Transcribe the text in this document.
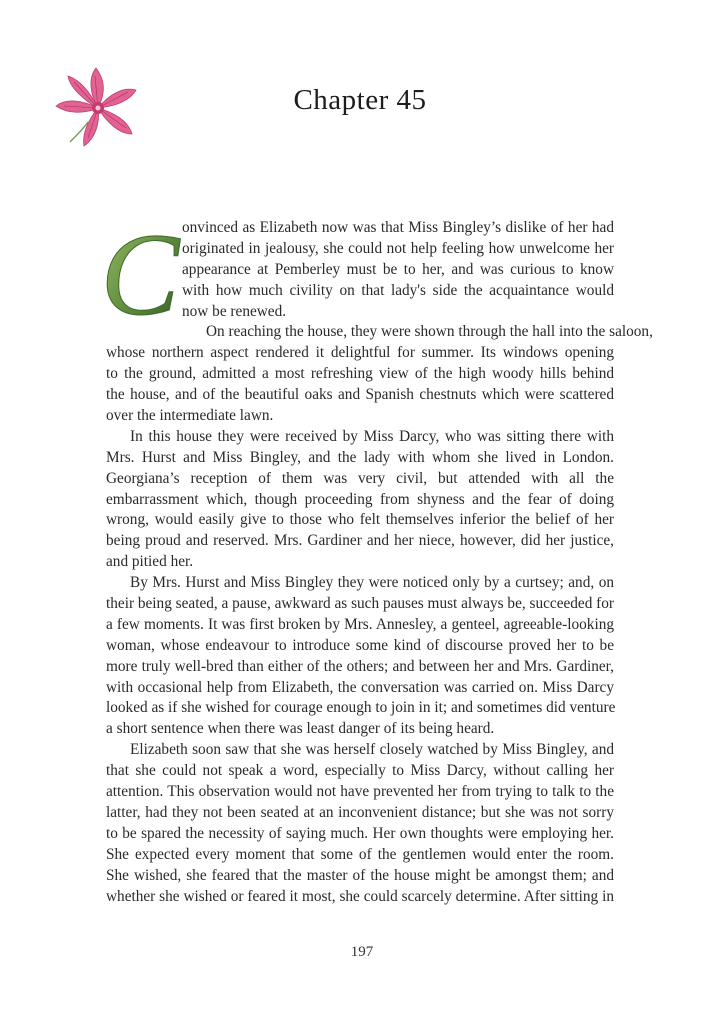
Chapter 45
C onvinced as Elizabeth now was that Miss Bingley’s dislike of her had
originated in jealousy, she could not help feeling how unwelcome her
appearance at Pemberley must be to her, and was curious to know
with how much civility on that lady's side the acquaintance would
now be renewed.
On reaching the house, they were shown through the hall into the saloon,
whose northern aspect rendered it delightful for summer. Its windows opening
to the ground, admitted a most refreshing view of the high woody hills behind
the house, and of the beautiful oaks and Spanish chestnuts which were scattered
over the intermediate lawn.
In this house they were received by Miss Darcy, who was sitting there with
Mrs. Hurst and Miss Bingley, and the lady with whom she lived in London.
Georgiana’s reception of them was very civil, but attended with all the
embarrassment which, though proceeding from shyness and the fear of doing
wrong, would easily give to those who felt themselves inferior the belief of her
being proud and reserved. Mrs. Gardiner and her niece, however, did her justice,
and pitied her.
By Mrs. Hurst and Miss Bingley they were noticed only by a curtsey; and, on
their being seated, a pause, awkward as such pauses must always be, succeeded for
a few moments. It was first broken by Mrs. Annesley, a genteel, agreeable-looking
woman, whose endeavour to introduce some kind of discourse proved her to be
more truly well-bred than either of the others; and between her and Mrs. Gardiner,
with occasional help from Elizabeth, the conversation was carried on. Miss Darcy
looked as if she wished for courage enough to join in it; and sometimes did venture
a short sentence when there was least danger of its being heard.
Elizabeth soon saw that she was herself closely watched by Miss Bingley, and
that she could not speak a word, especially to Miss Darcy, without calling her
attention. This observation would not have prevented her from trying to talk to the
latter, had they not been seated at an inconvenient distance; but she was not sorry
to be spared the necessity of saying much. Her own thoughts were employing her.
She expected every moment that some of the gentlemen would enter the room.
She wished, she feared that the master of the house might be amongst them; and
whether she wished or feared it most, she could scarcely determine. After sitting in
197
